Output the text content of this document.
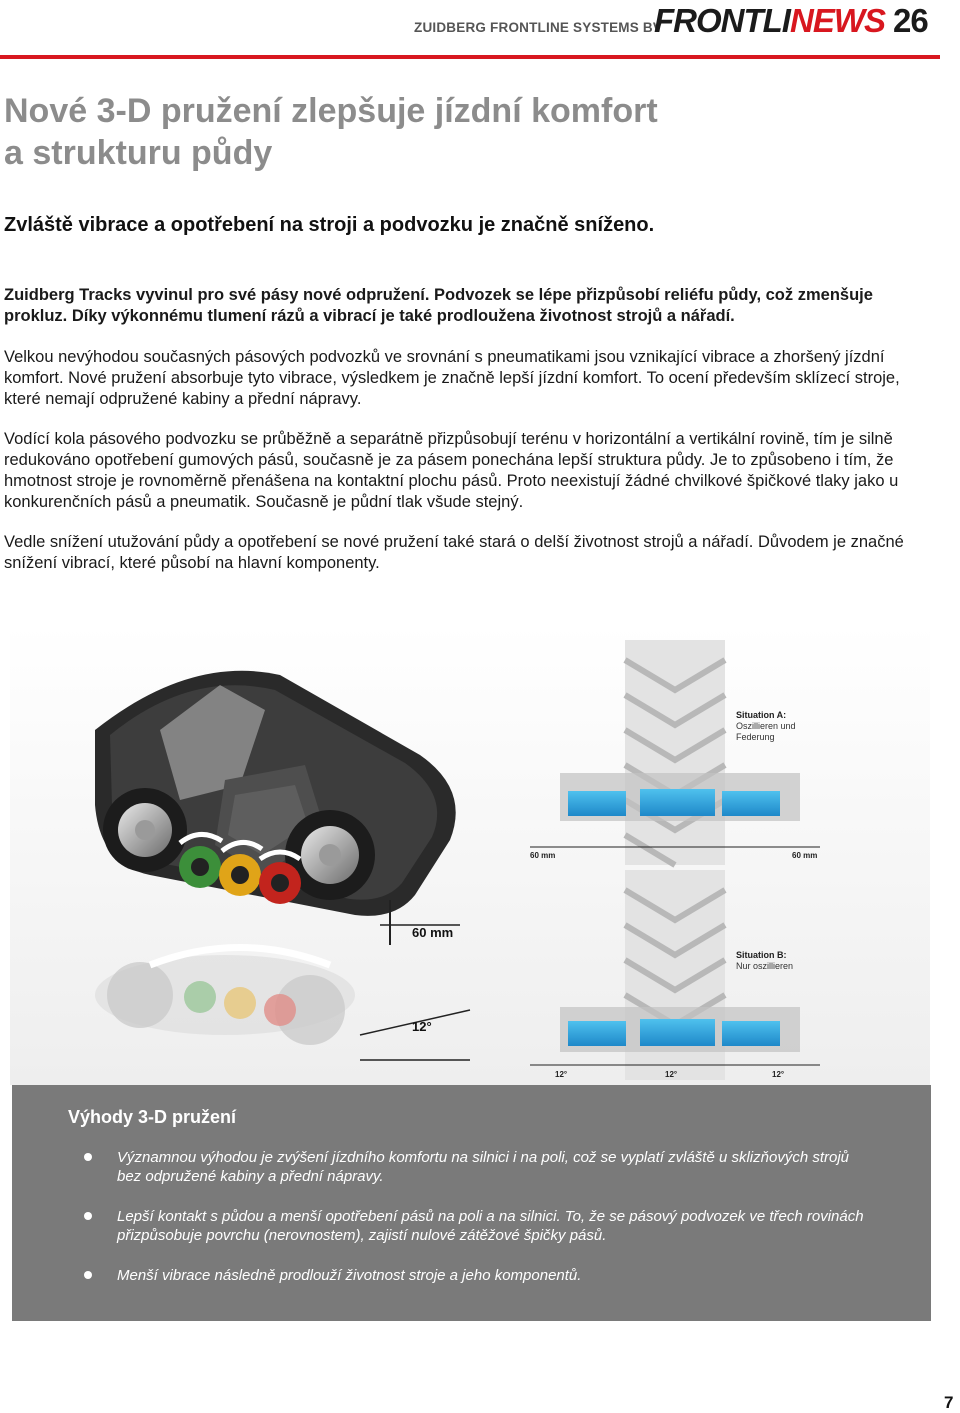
ZUIDBERG FRONTLINE SYSTEMS BV
FRONTLINEWS 26
Nové 3-D pružení zlepšuje jízdní komfort
a strukturu půdy

Zvláště vibrace a opotřebení na stroji a podvozku je značně sníženo.

Zuidberg Tracks vyvinul pro své pásy nové odpružení. Podvozek se lépe přizpůsobí reliéfu půdy, což zmenšuje prokluz. Díky výkonnému tlumení rázů a vibrací je také prodloužena životnost strojů a nářadí.

Velkou nevýhodou současných pásových podvozků ve srovnání s pneumatikami jsou vznikající vibrace a zhoršený jízdní komfort. Nové pružení absorbuje tyto vibrace, výsledkem je značně lepší jízdní komfort. To ocení především sklízecí stroje, které nemají odpružené kabiny a přední nápravy.

Vodící kola pásového podvozku se průběžně a separátně přizpůsobují terénu v horizontální a vertikální rovině, tím je silně redukováno opotřebení gumových pásů, současně je za pásem ponechána lepší struktura půdy. Je to způsobeno i tím, že hmotnost stroje je rovnoměrně přenášena na kontaktní plochu pásů. Proto neexistují žádné chvilkové špičkové tlaky jako u konkurenčních pásů a pneumatik. Současně je půdní tlak všude stejný.

Vedle snížení utužování půdy a opotřebení se nové pružení také stará o delší životnost strojů a nářadí. Důvodem je značné snížení vibrací, které působí na hlavní komponenty.

60 mm
12°
Situation A:
Oszillieren und
Federung
60 mm	60 mm
Situation B:
Nur oszillieren
12°	12°	12°
Výhody 3-D pružení
Významnou výhodou je zvýšení jízdního komfortu na silnici i na poli, což se vyplatí zvláště u sklizňových strojů bez odpružené kabiny a přední nápravy.
Lepší kontakt s půdou a menší opotřebení pásů na poli a na silnici. To, že se pásový podvozek ve třech rovinách přizpůsobuje povrchu (nerovnostem), zajistí nulové zátěžové špičky pásů.
Menší vibrace následně prodlouží životnost stroje a jeho komponentů.
7
